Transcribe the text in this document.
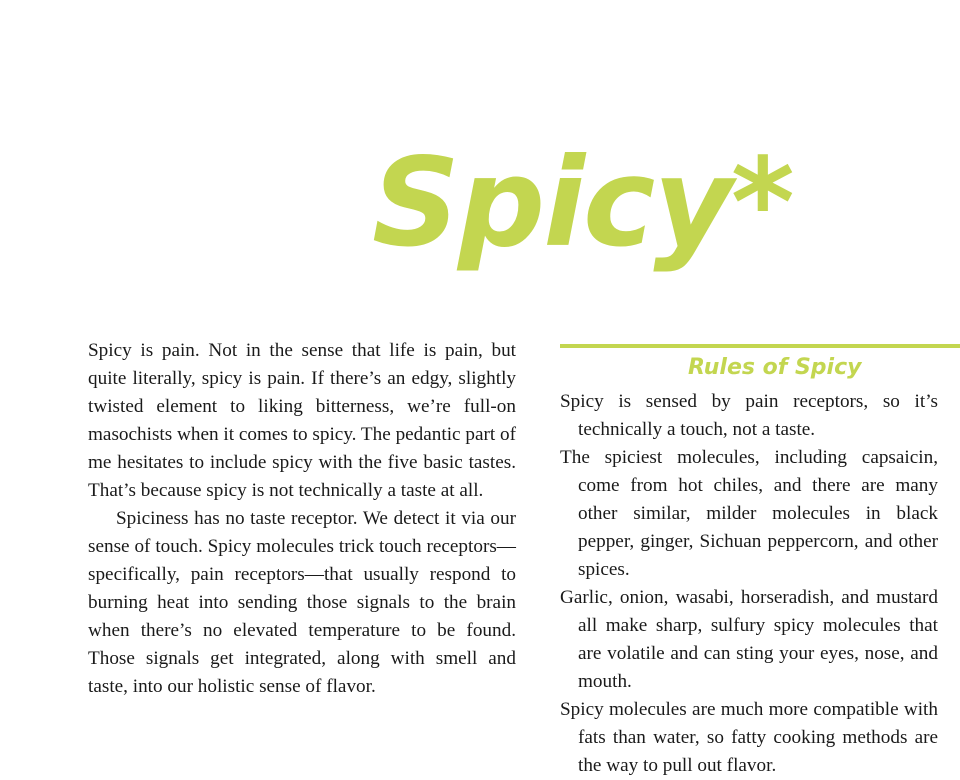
Spicy*

Spicy is pain. Not in the sense that life is pain, but quite literally, spicy is pain. If there’s an edgy, slightly twisted element to liking bitterness, we’re full-on masochists when it comes to spicy. The pedantic part of me hesitates to include spicy with the five basic tastes. That’s because spicy is not technically a taste at all.

Spiciness has no taste receptor. We detect it via our sense of touch. Spicy molecules trick touch receptors—specifically, pain receptors—that usually respond to burning heat into sending those signals to the brain when there’s no elevated temperature to be found. Those signals get integrated, along with smell and taste, into our holistic sense of flavor.

Rules of Spicy
Spicy is sensed by pain receptors, so it’s technically a touch, not a taste.
The spiciest molecules, including capsaicin, come from hot chiles, and there are many other similar, milder molecules in black pepper, ginger, Sichuan peppercorn, and other spices.
Garlic, onion, wasabi, horseradish, and mustard all make sharp, sulfury spicy molecules that are volatile and can sting your eyes, nose, and mouth.
Spicy molecules are much more compatible with fats than water, so fatty cooking methods are the way to pull out flavor.
